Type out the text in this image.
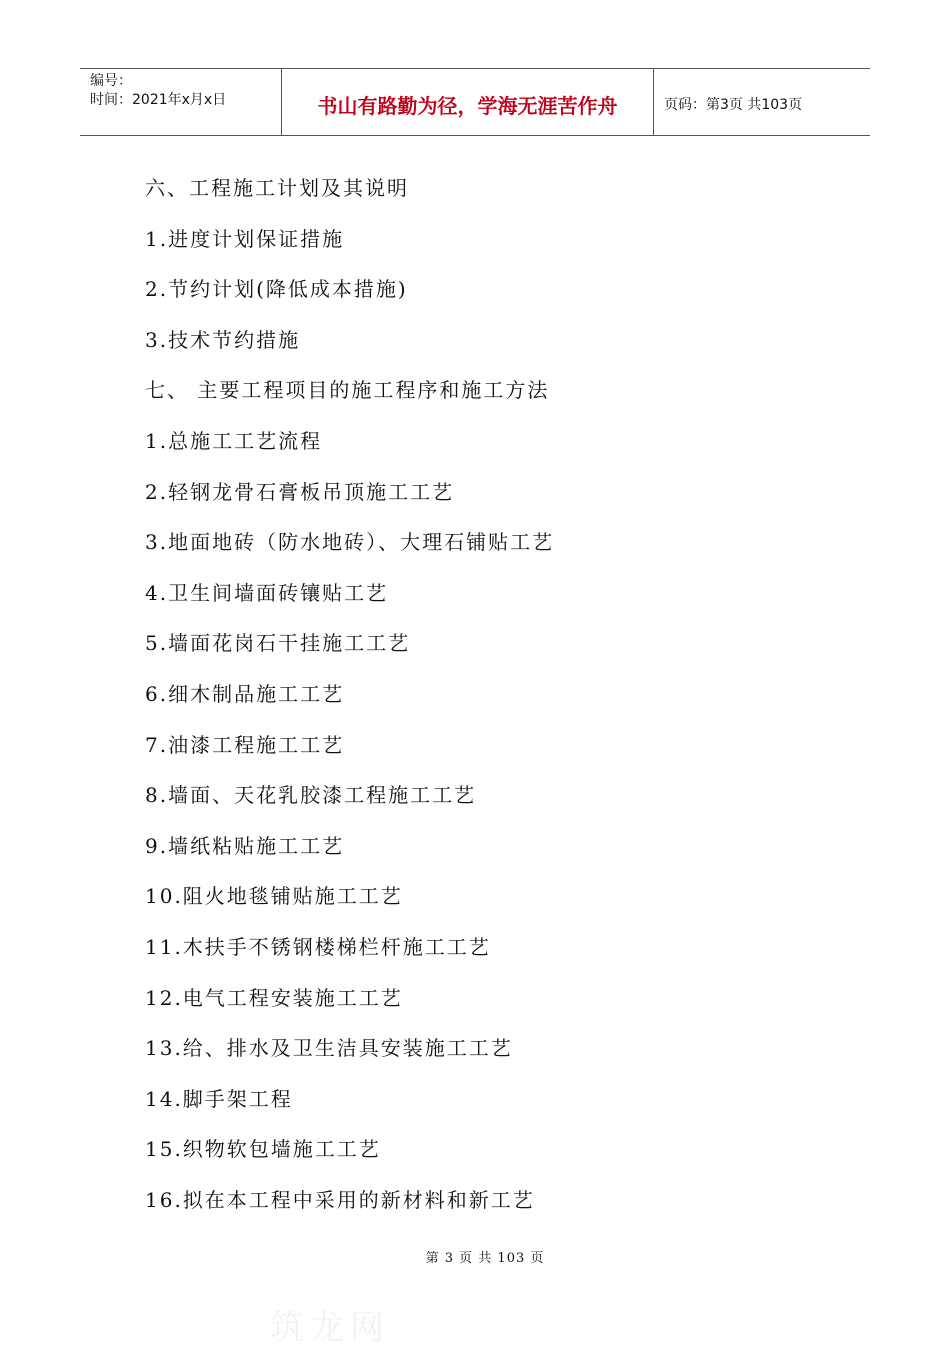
编号：
时间：2021年x月x日	书山有路勤为径，学海无涯苦作舟	页码：第3页 共103页
六、工程施工计划及其说明
1.进度计划保证措施
2.节约计划(降低成本措施)
3.技术节约措施
七、 主要工程项目的施工程序和施工方法
1.总施工工艺流程
2.轻钢龙骨石膏板吊顶施工工艺
3.地面地砖（防水地砖）、大理石铺贴工艺
4.卫生间墙面砖镶贴工艺
5.墙面花岗石干挂施工工艺
6.细木制品施工工艺
7.油漆工程施工工艺
8.墙面、天花乳胶漆工程施工工艺
9.墙纸粘贴施工工艺
10.阻火地毯铺贴施工工艺
11.木扶手不锈钢楼梯栏杆施工工艺
12.电气工程安装施工工艺
13.给、排水及卫生洁具安装施工工艺
14.脚手架工程
15.织物软包墙施工工艺
16.拟在本工程中采用的新材料和新工艺
第 3 页 共 103 页
筑龙网
